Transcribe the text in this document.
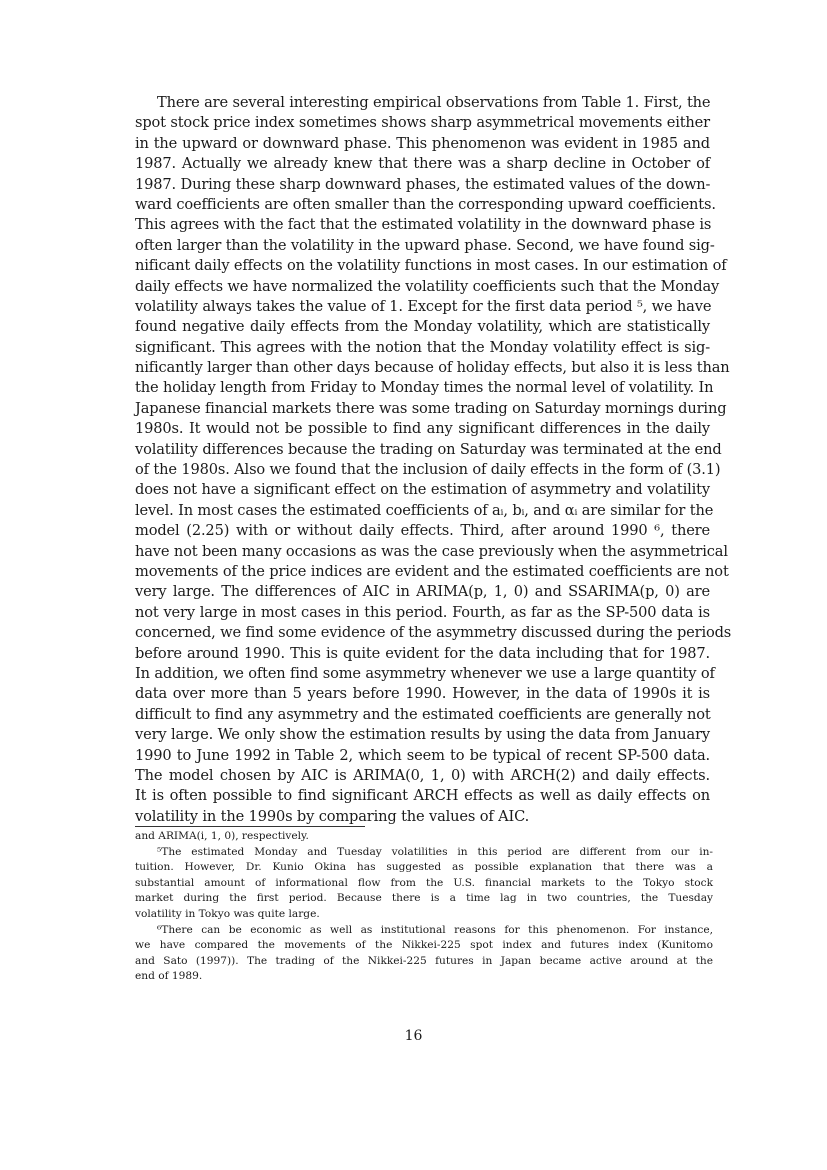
There are several interesting empirical observations from Table 1. First, the
spot stock price index sometimes shows sharp asymmetrical movements either
in the upward or downward phase. This phenomenon was evident in 1985 and
1987. Actually we already knew that there was a sharp decline in October of
1987. During these sharp downward phases, the estimated values of the down-
ward coefficients are often smaller than the corresponding upward coefficients.
This agrees with the fact that the estimated volatility in the downward phase is
often larger than the volatility in the upward phase. Second, we have found sig-
nificant daily effects on the volatility functions in most cases. In our estimation of
daily effects we have normalized the volatility coefficients such that the Monday
volatility always takes the value of 1. Except for the first data period ⁵, we have
found negative daily effects from the Monday volatility, which are statistically
significant. This agrees with the notion that the Monday volatility effect is sig-
nificantly larger than other days because of holiday effects, but also it is less than
the holiday length from Friday to Monday times the normal level of volatility. In
Japanese financial markets there was some trading on Saturday mornings during
1980s. It would not be possible to find any significant differences in the daily
volatility differences because the trading on Saturday was terminated at the end
of the 1980s. Also we found that the inclusion of daily effects in the form of (3.1)
does not have a significant effect on the estimation of asymmetry and volatility
level. In most cases the estimated coefficients of aᵢ, bᵢ, and αᵢ are similar for the
model (2.25) with or without daily effects. Third, after around 1990 ⁶, there
have not been many occasions as was the case previously when the asymmetrical
movements of the price indices are evident and the estimated coefficients are not
very large. The differences of AIC in ARIMA(p, 1, 0) and SSARIMA(p, 0) are
not very large in most cases in this period. Fourth, as far as the SP-500 data is
concerned, we find some evidence of the asymmetry discussed during the periods
before around 1990. This is quite evident for the data including that for 1987.
In addition, we often find some asymmetry whenever we use a large quantity of
data over more than 5 years before 1990. However, in the data of 1990s it is
difficult to find any asymmetry and the estimated coefficients are generally not
very large. We only show the estimation results by using the data from January
1990 to June 1992 in Table 2, which seem to be typical of recent SP-500 data.
The model chosen by AIC is ARIMA(0, 1, 0) with ARCH(2) and daily effects.
It is often possible to find significant ARCH effects as well as daily effects on
volatility in the 1990s by comparing the values of AIC.
and ARIMA(i, 1, 0), respectively.
⁵The estimated Monday and Tuesday volatilities in this period are different from our in-
tuition. However, Dr. Kunio Okina has suggested as possible explanation that there was a
substantial amount of informational flow from the U.S. financial markets to the Tokyo stock
market during the first period. Because there is a time lag in two countries, the Tuesday
volatility in Tokyo was quite large.
⁶There can be economic as well as institutional reasons for this phenomenon. For instance,
we have compared the movements of the Nikkei-225 spot index and futures index (Kunitomo
and Sato (1997)). The trading of the Nikkei-225 futures in Japan became active around at the
end of 1989.
16
